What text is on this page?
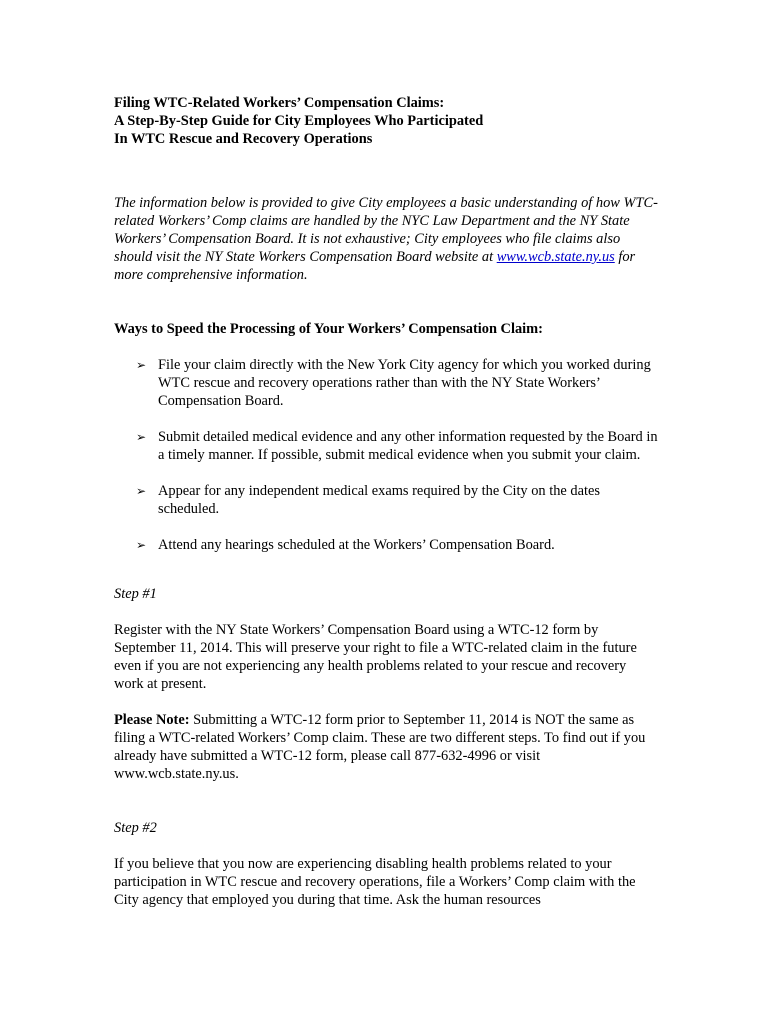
Filing WTC-Related Workers’ Compensation Claims:
A Step-By-Step Guide for City Employees Who Participated
In WTC Rescue and Recovery Operations

The information below is provided to give City employees a basic understanding of how WTC-related Workers’ Comp claims are handled by the NYC Law Department and the NY State Workers’ Compensation Board. It is not exhaustive; City employees who file claims also should visit the NY State Workers Compensation Board website at www.wcb.state.ny.us for more comprehensive information.

Ways to Speed the Processing of Your Workers’ Compensation Claim:

➢ File your claim directly with the New York City agency for which you worked during WTC rescue and recovery operations rather than with the NY State Workers’ Compensation Board.
➢ Submit detailed medical evidence and any other information requested by the Board in a timely manner. If possible, submit medical evidence when you submit your claim.
➢ Appear for any independent medical exams required by the City on the dates scheduled.
➢ Attend any hearings scheduled at the Workers’ Compensation Board.

Step #1

Register with the NY State Workers’ Compensation Board using a WTC-12 form by September 11, 2014. This will preserve your right to file a WTC-related claim in the future even if you are not experiencing any health problems related to your rescue and recovery work at present.

Please Note: Submitting a WTC-12 form prior to September 11, 2014 is NOT the same as filing a WTC-related Workers’ Comp claim. These are two different steps. To find out if you already have submitted a WTC-12 form, please call 877-632-4996 or visit www.wcb.state.ny.us.

Step #2

If you believe that you now are experiencing disabling health problems related to your participation in WTC rescue and recovery operations, file a Workers’ Comp claim with the City agency that employed you during that time. Ask the human resources
